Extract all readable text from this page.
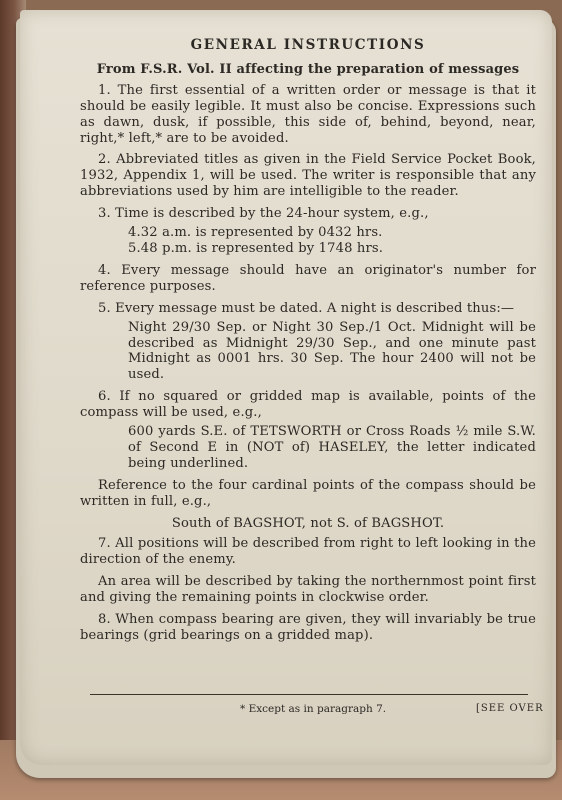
GENERAL INSTRUCTIONS
From F.S.R. Vol. II affecting the preparation of messages

1. The first essential of a written order or message is that it should be easily legible. It must also be concise. Expressions such as dawn, dusk, if possible, this side of, behind, beyond, near, right,* left,* are to be avoided.

2. Abbreviated titles as given in the Field Service Pocket Book, 1932, Appendix 1, will be used. The writer is responsible that any abbreviations used by him are intelligible to the reader.

3. Time is described by the 24-hour system, e.g.,

4.32 a.m. is represented by 0432 hrs.
5.48 p.m. is represented by 1748 hrs.

4. Every message should have an originator's number for reference purposes.

5. Every message must be dated. A night is described thus:—

Night 29/30 Sep. or Night 30 Sep./1 Oct. Midnight will be described as Midnight 29/30 Sep., and one minute past Midnight as 0001 hrs. 30 Sep. The hour 2400 will not be used.

6. If no squared or gridded map is available, points of the compass will be used, e.g.,

600 yards S.E. of TETSWORTH or Cross Roads ½ mile S.W. of Second E in (NOT of) HASELEY, the letter indicated being underlined.

Reference to the four cardinal points of the compass should be written in full, e.g.,

South of BAGSHOT, not S. of BAGSHOT.

7. All positions will be described from right to left looking in the direction of the enemy.

An area will be described by taking the northernmost point first and giving the remaining points in clockwise order.

8. When compass bearing are given, they will invariably be true bearings (grid bearings on a gridded map).

* Except as in paragraph 7.	[SEE OVER
